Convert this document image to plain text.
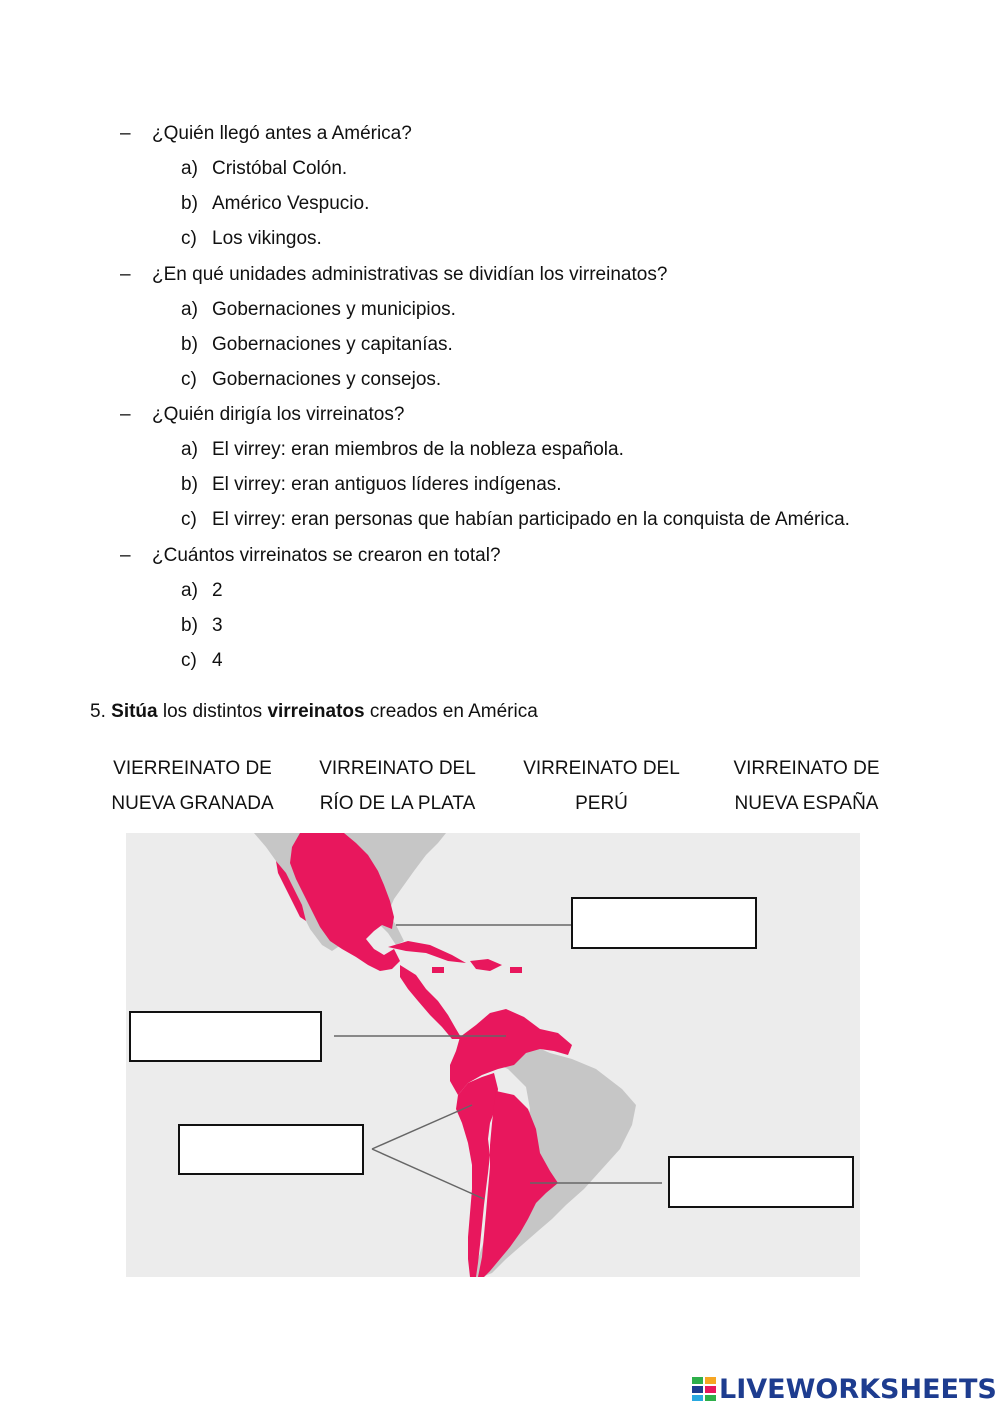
– ¿Quién llegó antes a América?
a) Cristóbal Colón.
b) Américo Vespucio.
c) Los vikingos.
– ¿En qué unidades administrativas se dividían los virreinatos?
a) Gobernaciones y municipios.
b) Gobernaciones y capitanías.
c) Gobernaciones y consejos.
– ¿Quién dirigía los virreinatos?
a) El virrey: eran miembros de la nobleza española.
b) El virrey: eran antiguos líderes indígenas.
c) El virrey: eran personas que habían participado en la conquista de América.
– ¿Cuántos virreinatos se crearon en total?
a) 2
b) 3
c) 4
5. Sitúa los distintos virreinatos creados en América
VIERREINATO DE
NUEVA GRANADA
VIRREINATO DEL
RÍO DE LA PLATA
VIRREINATO DEL
PERÚ
VIRREINATO DE
NUEVA ESPAÑA
LIVEWORKSHEETS
